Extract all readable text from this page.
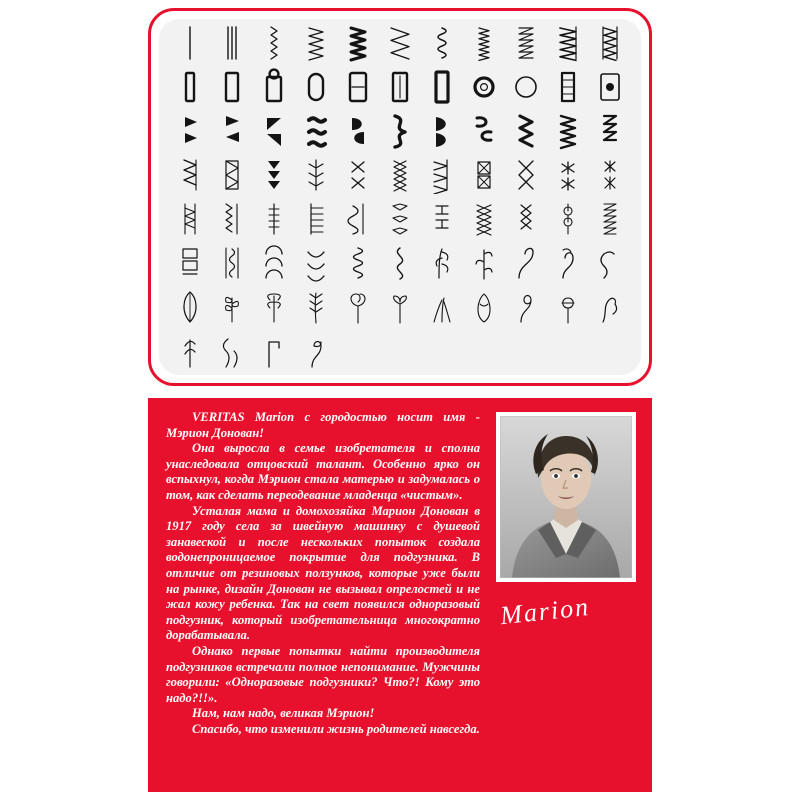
VERITAS Marion с городостью носит имя - Мэрион Донован!

Она выросла в семье изобретателя и сполна унаследовала отцовский талант. Особенно ярко он вспыхнул, когда Мэрион стала матерью и задумалась о том, как сделать переодевание младенца «чистым».

Усталая мама и домохозяйка Марион Донован в 1917 году села за швейную машинку с душевой занавеской и после нескольких попыток создала водонепроницаемое покрытие для подгузника. В отличие от резиновых ползунков, которые уже были на рынке, дизайн Донован не вызывал опрелостей и не жал кожу ребенка. Так на свет появился одноразовый подгузник, который изобретательница многократно дорабатывала.

Однако первые попытки найти производителя подгузников встречали полное непонимание. Мужчины говорили: «Одноразовые подгузники? Что?! Кому это надо?!!».

Нам, нам надо, великая Мэрион!

Спасибо, что изменили жизнь родителей навсегда.

Marion
